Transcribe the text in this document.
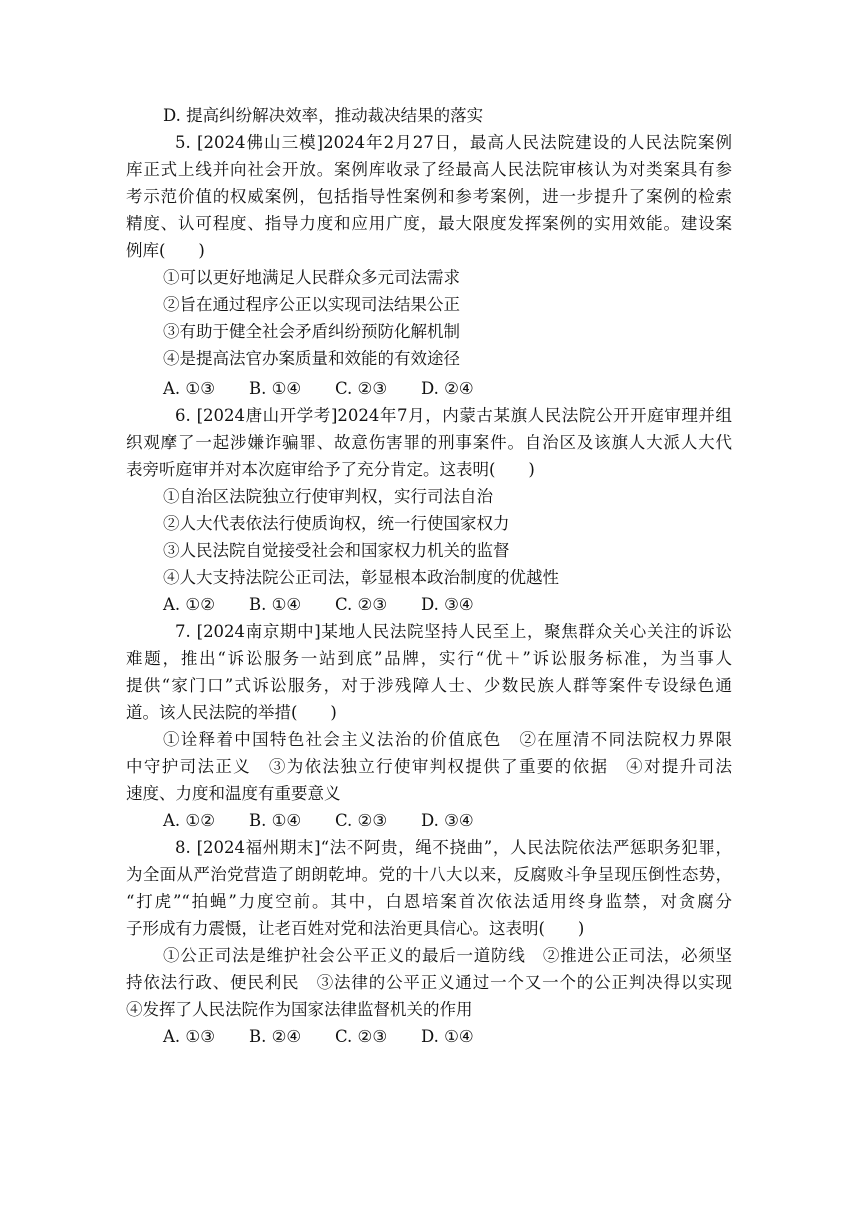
D. 提高纠纷解决效率，推动裁决结果的落实
5. [2024佛山三模]2024年2月27日，最高人民法院建设的人民法院案例
库正式上线并向社会开放。案例库收录了经最高人民法院审核认为对类案具有参
考示范价值的权威案例，包括指导性案例和参考案例，进一步提升了案例的检索
精度、认可程度、指导力度和应用广度，最大限度发挥案例的实用效能。建设案
例库(　　)
①可以更好地满足人民群众多元司法需求
②旨在通过程序公正以实现司法结果公正
③有助于健全社会矛盾纠纷预防化解机制
④是提高法官办案质量和效能的有效途径
A. ①③ B. ①④ C. ②③ D. ②④
6. [2024唐山开学考]2024年7月，内蒙古某旗人民法院公开开庭审理并组
织观摩了一起涉嫌诈骗罪、故意伤害罪的刑事案件。自治区及该旗人大派人大代
表旁听庭审并对本次庭审给予了充分肯定。这表明(　　)
①自治区法院独立行使审判权，实行司法自治
②人大代表依法行使质询权，统一行使国家权力
③人民法院自觉接受社会和国家权力机关的监督
④人大支持法院公正司法，彰显根本政治制度的优越性
A. ①② B. ①④ C. ②③ D. ③④
7. [2024南京期中]某地人民法院坚持人民至上，聚焦群众关心关注的诉讼
难题，推出“诉讼服务一站到底”品牌，实行“优＋”诉讼服务标准，为当事人
提供“家门口”式诉讼服务，对于涉残障人士、少数民族人群等案件专设绿色通
道。该人民法院的举措(　　)
①诠释着中国特色社会主义法治的价值底色　②在厘清不同法院权力界限
中守护司法正义　③为依法独立行使审判权提供了重要的依据　④对提升司法
速度、力度和温度有重要意义
A. ①② B. ①④ C. ②③ D. ③④
8. [2024福州期末]“法不阿贵，绳不挠曲”，人民法院依法严惩职务犯罪，
为全面从严治党营造了朗朗乾坤。党的十八大以来，反腐败斗争呈现压倒性态势，
“打虎”“拍蝇”力度空前。其中，白恩培案首次依法适用终身监禁，对贪腐分
子形成有力震慑，让老百姓对党和法治更具信心。这表明(　　)
①公正司法是维护社会公平正义的最后一道防线　②推进公正司法，必须坚
持依法行政、便民利民　③法律的公平正义通过一个又一个的公正判决得以实现
④发挥了人民法院作为国家法律监督机关的作用
A. ①③ B. ②④ C. ②③ D. ①④
